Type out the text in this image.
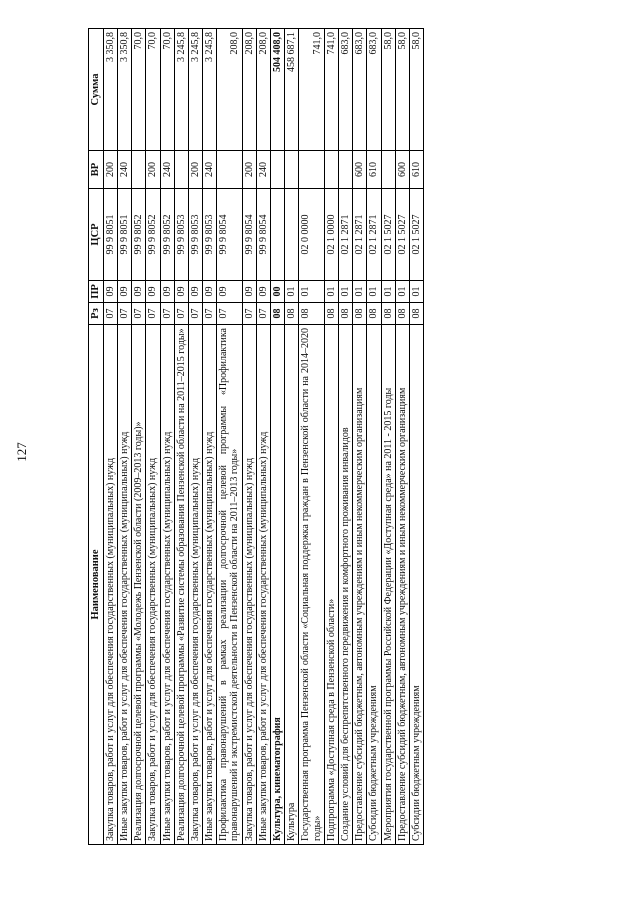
127
Наименование	Рз	ПР	ЦСР	ВР	Сумма
Закупка товаров, работ и услуг для обеспечения государственных (муниципальных) нужд	07	09	99 9 8051	200	3 350,8
Иные закупки товаров, работ и услуг для обеспечения государственных (муниципальных) нужд	07	09	99 9 8051	240	3 350,8
Реализация долгосрочной целевой программы «Молодежь Пензенской области (2009–2013 годы)»	07	09	99 9 8052		70,0
Закупка товаров, работ и услуг для обеспечения государственных (муниципальных) нужд	07	09	99 9 8052	200	70,0
Иные закупки товаров, работ и услуг для обеспечения государственных (муниципальных) нужд	07	09	99 9 8052	240	70,0
Реализация долгосрочной целевой программы «Развитие системы образования Пензенской области на 2011–2015 годы»	07	09	99 9 8053		3 245,8
Закупка товаров, работ и услуг для обеспечения государственных (муниципальных) нужд	07	09	99 9 8053	200	3 245,8
Иные закупки товаров, работ и услуг для обеспечения государственных (муниципальных) нужд	07	09	99 9 8053	240	3 245,8
Профилактика правонарушений в рамках реализации долгосрочной целевой программы «Профилактика правонарушений и экстремистской деятельности в Пензенской области на 2011–2013 годы»	07	09	99 9 8054		208,0
Закупка товаров, работ и услуг для обеспечения государственных (муниципальных) нужд	07	09	99 9 8054	200	208,0
Иные закупки товаров, работ и услуг для обеспечения государственных (муниципальных) нужд	07	09	99 9 8054	240	208,0
Культура, кинематография	08	00			504 408,0
Культура	08	01			458 687,1
Государственная программа Пензенской области «Социальная поддержка граждан в Пензенской области на 2014–2020 годы»	08	01	02 0 0000		741,0
Подпрограмма «Доступная среда в Пензенской области»	08	01	02 1 0000		741,0
Создание условий для беспрепятственного передвижения и комфортного проживания инвалидов	08	01	02 1 2871		683,0
Предоставление субсидий бюджетным, автономным учреждениям и иным некоммерческим организациям	08	01	02 1 2871	600	683,0
Субсидии бюджетным учреждениям	08	01	02 1 2871	610	683,0
Мероприятия государственной программы Российской Федерации «Доступная среда» на 2011 - 2015 годы	08	01	02 1 5027		58,0
Предоставление субсидий бюджетным, автономным учреждениям и иным некоммерческим организациям	08	01	02 1 5027	600	58,0
Субсидии бюджетным учреждениям	08	01	02 1 5027	610	58,0
